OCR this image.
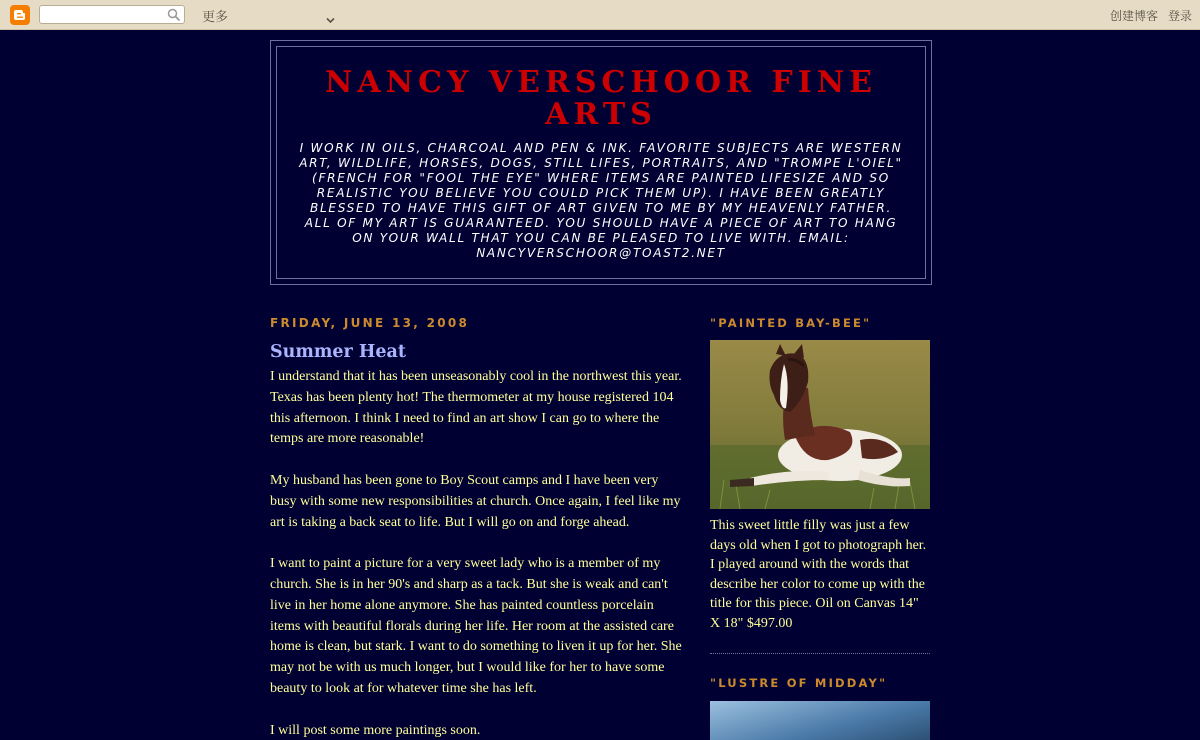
更多	创建博客 登录
NANCY VERSCHOOR FINE ARTS

I WORK IN OILS, CHARCOAL AND PEN & INK. FAVORITE SUBJECTS ARE WESTERN ART, WILDLIFE, HORSES, DOGS, STILL LIFES, PORTRAITS, AND "TROMPE L'OIEL" (FRENCH FOR "FOOL THE EYE" WHERE ITEMS ARE PAINTED LIFESIZE AND SO REALISTIC YOU BELIEVE YOU COULD PICK THEM UP). I HAVE BEEN GREATLY BLESSED TO HAVE THIS GIFT OF ART GIVEN TO ME BY MY HEAVENLY FATHER. ALL OF MY ART IS GUARANTEED. YOU SHOULD HAVE A PIECE OF ART TO HANG ON YOUR WALL THAT YOU CAN BE PLEASED TO LIVE WITH. EMAIL: NANCYVERSCHOOR@TOAST2.NET

FRIDAY, JUNE 13, 2008
Summer Heat

I understand that it has been unseasonably cool in the northwest this year. Texas has been plenty hot! The thermometer at my house registered 104 this afternoon. I think I need to find an art show I can go to where the temps are more reasonable!

My husband has been gone to Boy Scout camps and I have been very busy with some new responsibilities at church. Once again, I feel like my art is taking a back seat to life. But I will go on and forge ahead.

I want to paint a picture for a very sweet lady who is a member of my church. She is in her 90's and sharp as a tack. But she is weak and can't live in her home alone anymore. She has painted countless porcelain items with beautiful florals during her life. Her room at the assisted care home is clean, but stark. I want to do something to liven it up for her. She may not be with us much longer, but I would like for her to have some beauty to look at for whatever time she has left.

I will post some more paintings soon.

"PAINTED BAY-BEE"

This sweet little filly was just a few days old when I got to photograph her. I played around with the words that describe her color to come up with the title for this piece. Oil on Canvas 14" X 18" $497.00

"LUSTRE OF MIDDAY"
